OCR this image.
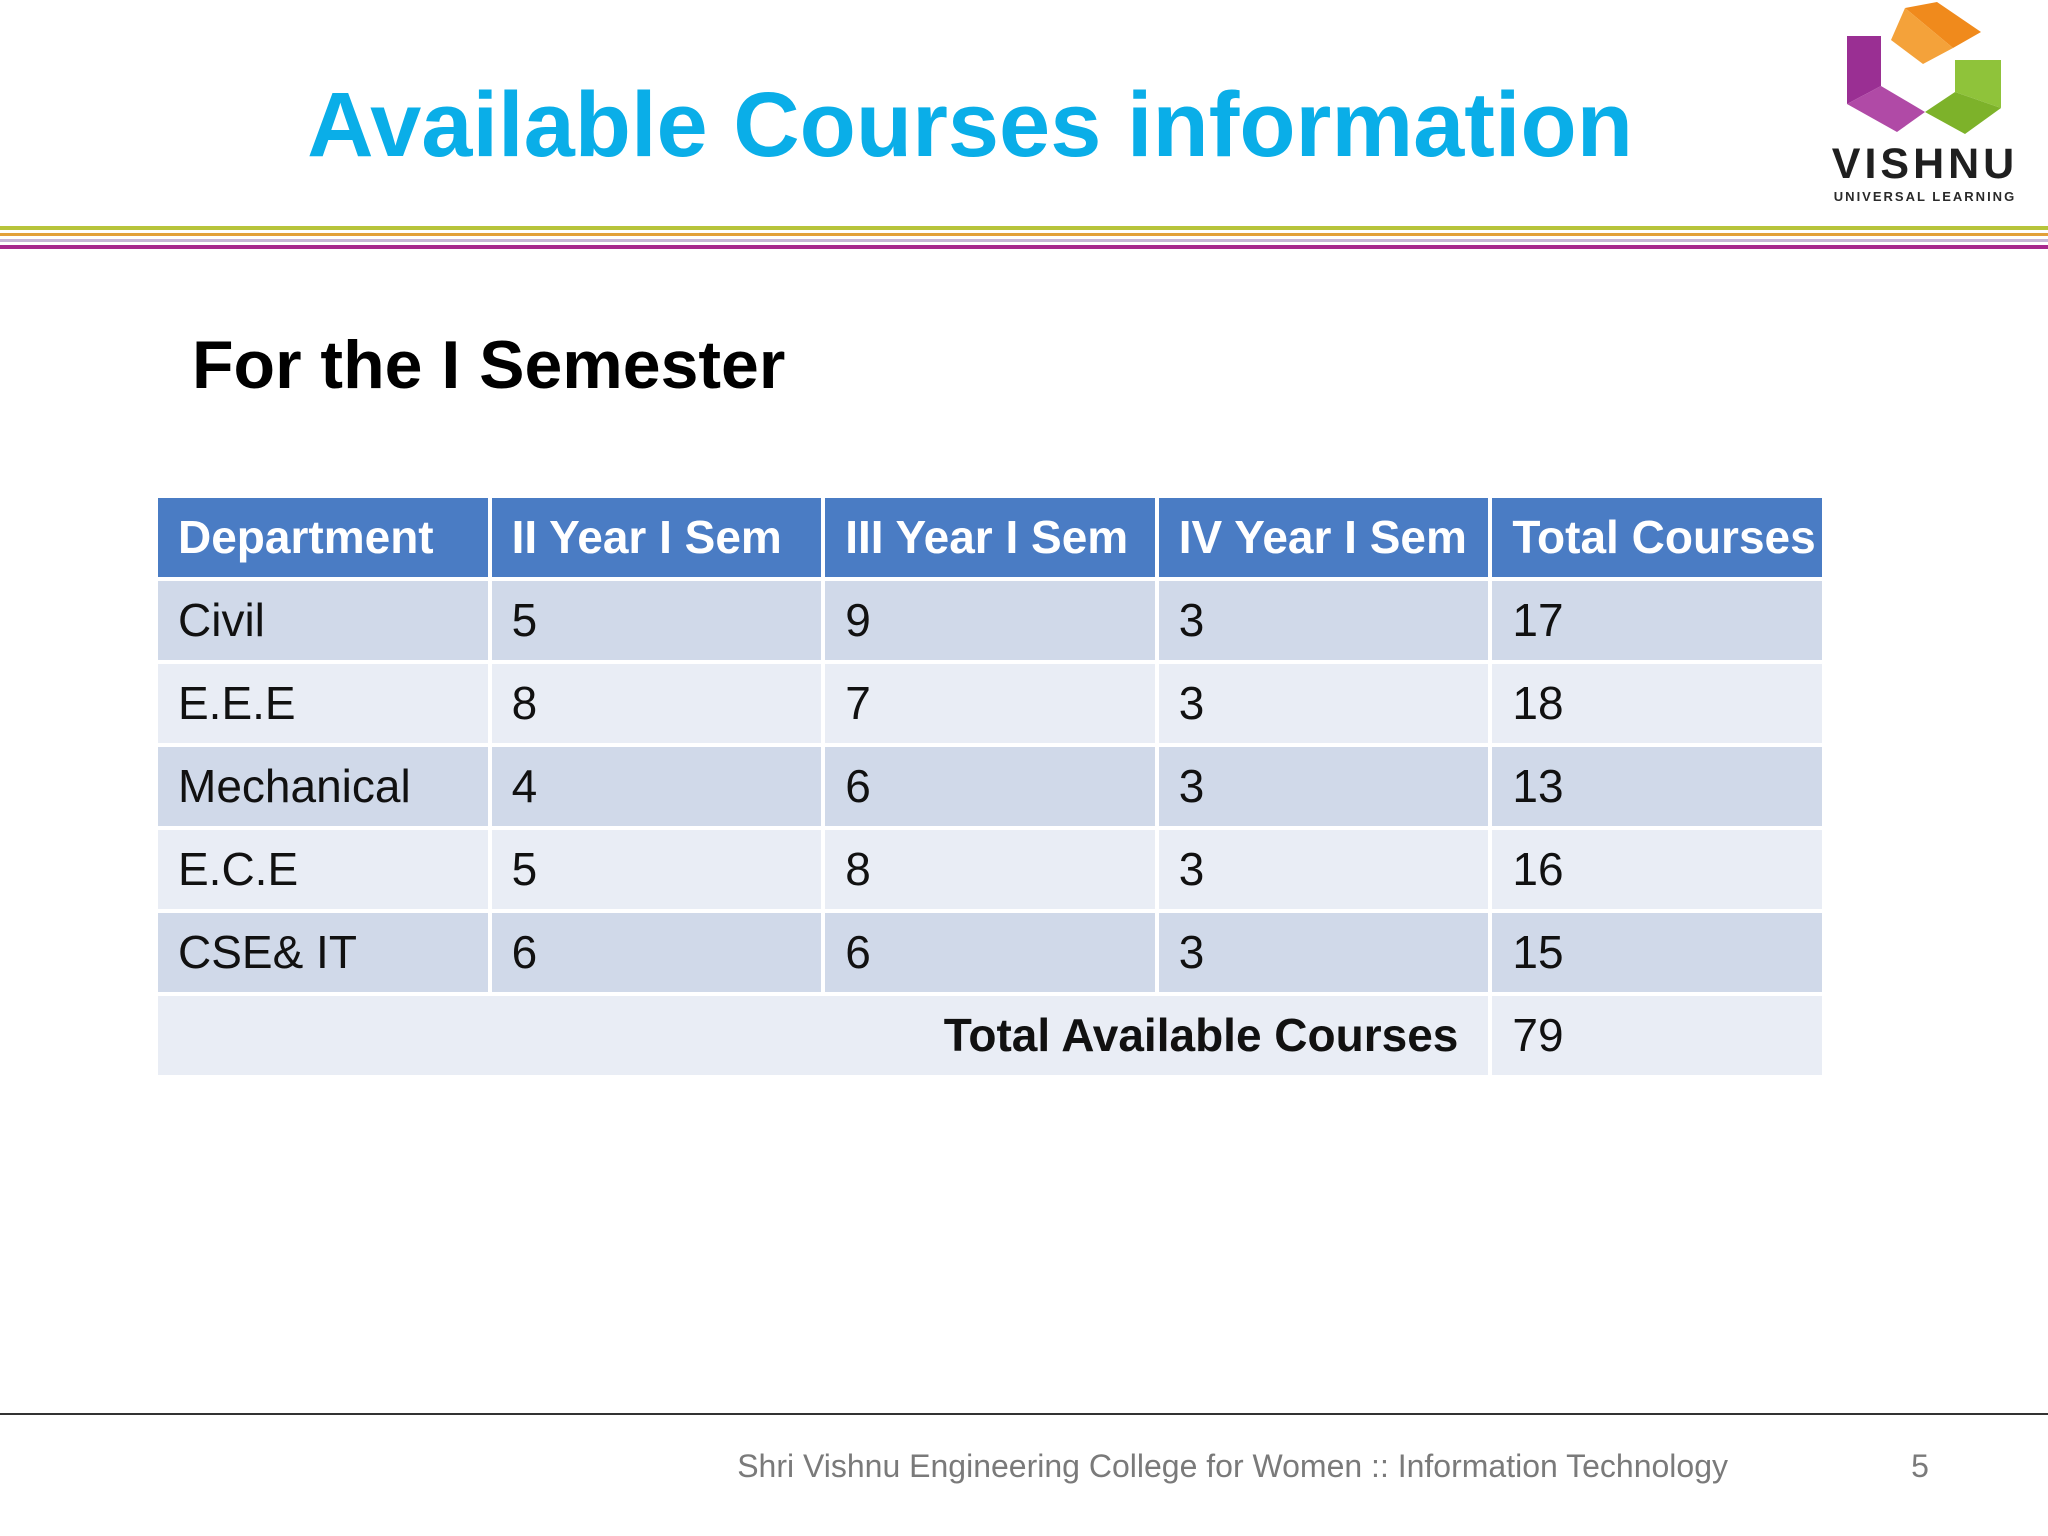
Available Courses information	VISHNU
UNIVERSAL LEARNING
For the I Semester
Department	II Year I Sem	III Year I Sem	IV Year I Sem	Total Courses
Civil	5	9	3	17
E.E.E	8	7	3	18
Mechanical	4	6	3	13
E.C.E	5	8	3	16
CSE& IT	6	6	3	15
Total Available Courses				79
Shri Vishnu Engineering College for Women :: Information Technology	5
